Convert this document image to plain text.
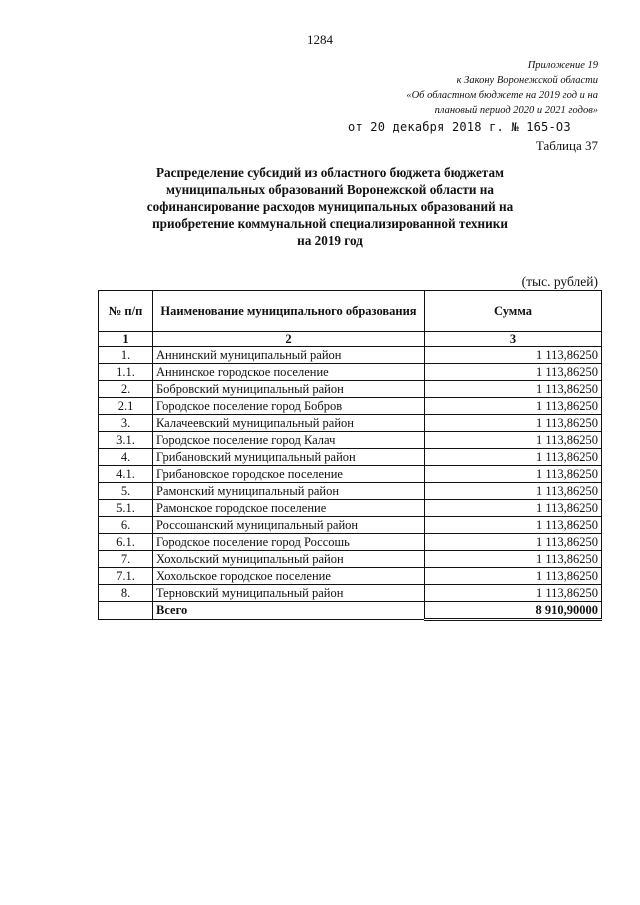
1284
Приложение 19
к Закону Воронежской области
«Об областном бюджете на 2019 год и на
плановый период 2020 и 2021 годов»
от 20 декабря 2018 г. № 165-ОЗ
Таблица 37
Распределение субсидий из областного бюджета бюджетам
муниципальных образований Воронежской области на
софинансирование расходов муниципальных образований на
приобретение коммунальной специализированной техники
на 2019 год
(тыс. рублей)
№ п/п	Наименование муниципального образования	Сумма
1	2	3
1.	Аннинский муниципальный район	1 113,86250
1.1.	Аннинское городское поселение	1 113,86250
2.	Бобровский муниципальный район	1 113,86250
2.1	Городское поселение город Бобров	1 113,86250
3.	Калачеевский муниципальный район	1 113,86250
3.1.	Городское поселение город Калач	1 113,86250
4.	Грибановский муниципальный район	1 113,86250
4.1.	Грибановское городское поселение	1 113,86250
5.	Рамонский муниципальный район	1 113,86250
5.1.	Рамонское городское поселение	1 113,86250
6.	Россошанский муниципальный район	1 113,86250
6.1.	Городское поселение город Россошь	1 113,86250
7.	Хохольский муниципальный район	1 113,86250
7.1.	Хохольское городское поселение	1 113,86250
8.	Терновский муниципальный район	1 113,86250
	Всего	8 910,90000
